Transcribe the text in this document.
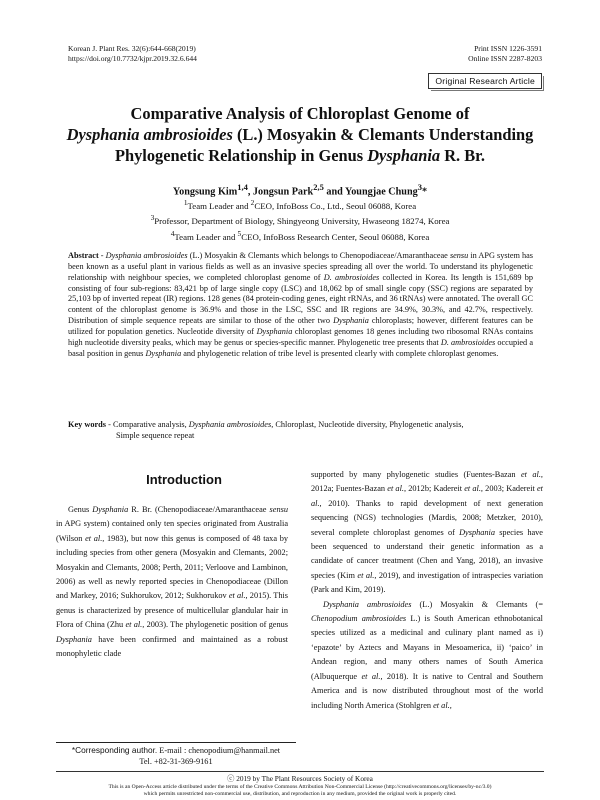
Korean J. Plant Res. 32(6):644-668(2019)
https://doi.org/10.7732/kjpr.2019.32.6.644
Print ISSN 1226-3591
Online ISSN 2287-8203
Original Research Article
Comparative Analysis of Chloroplast Genome of
Dysphania ambrosioides (L.) Mosyakin & Clemants Understanding
Phylogenetic Relationship in Genus Dysphania R. Br.
Yongsung Kim$^{1,4}$, Jongsun Park$^{2,5}$ and Youngjae Chung$^3$*
$^1$Team Leader and $^2$CEO, InfoBoss Co., Ltd., Seoul 06088, Korea
$^3$Professor, Department of Biology, Shingyeong University, Hwaseong 18274, Korea
$^4$Team Leader and $^5$CEO, InfoBoss Research Center, Seoul 06088, Korea
Abstract - Dysphania ambrosioides (L.) Mosyakin & Clemants which belongs to Chenopodiaceae/Amaranthaceae sensu in APG system has been known as a useful plant in various fields as well as an invasive species spreading all over the world. To understand its phylogenetic relationship with neighbour species, we completed chloroplast genome of D. ambrosioides collected in Korea. Its length is 151,689 bp consisting of four sub-regions: 83,421 bp of large single copy (LSC) and 18,062 bp of small single copy (SSC) regions are separated by 25,103 bp of inverted repeat (IR) regions. 128 genes (84 protein-coding genes, eight rRNAs, and 36 tRNAs) were annotated. The overall GC content of the chloroplast genome is 36.9% and those in the LSC, SSC and IR regions are 34.9%, 30.3%, and 42.7%, respectively. Distribution of simple sequence repeats are similar to those of the other two Dysphania chloroplasts; however, different features can be utilized for population genetics. Nucleotide diversity of Dysphania chloroplast genomes 18 genes including two ribosomal RNAs contains high nucleotide diversity peaks, which may be genus or species-specific manner. Phylogenetic tree presents that D. ambrosioides occupied a basal position in genus Dysphania and phylogenetic relation of tribe level is presented clearly with complete chloroplast genomes.
Key words - Comparative analysis, Dysphania ambrosioides, Chloroplast, Nucleotide diversity, Phylogenetic analysis,
Simple sequence repeat
Introduction

Genus Dysphania R. Br. (Chenopodiaceae/Amaranthaceae sensu in APG system) contained only ten species originated from Australia (Wilson et al., 1983), but now this genus is composed of 48 taxa by including species from other genera (Mosyakin and Clemants, 2002; Mosyakin and Clemants, 2008; Perth, 2011; Verloove and Lambinon, 2006) as well as newly reported species in Chenopodiaceae (Dillon and Markey, 2016; Sukhorukov, 2012; Sukhorukov et al., 2015). This genus is characterized by presence of multicellular glandular hair in Flora of China (Zhu et al., 2003). The phylogenetic position of genus Dysphania have been confirmed and maintained as a robust monophyletic clade

supported by many phylogenetic studies (Fuentes-Bazan et al., 2012a; Fuentes-Bazan et al., 2012b; Kadereit et al., 2003; Kadereit et al., 2010). Thanks to rapid development of next generation sequencing (NGS) technologies (Mardis, 2008; Metzker, 2010), several complete chloroplast genomes of Dysphania species have been sequenced to understand their genetic information as a candidate of cancer treatment (Chen and Yang, 2018), an invasive species (Kim et al., 2019), and investigation of intraspecies variation (Park and Kim, 2019).

Dysphania ambrosioides (L.) Mosyakin & Clemants (= Chenopodium ambrosioides L.) is South American ethnobotanical species utilized as a medicinal and culinary plant named as i) ‘epazote’ by Aztecs and Mayans in Mesoamerica, ii) ‘paico’ in Andean region, and many others names of South America (Albuquerque et al., 2018). It is native to Central and Southern America and is now distributed throughout most of the world including North America (Stohlgren et al.,

*Corresponding author. E-mail : chenopodium@hanmail.net
Tel. +82-31-369-9161
ⓒ 2019 by The Plant Resources Society of Korea
This is an Open-Access article distributed under the terms of the Creative Commons Attribution Non-Commercial License (http://creativecommons.org/licenses/by-nc/3.0)
which permits unrestricted non-commercial use, distribution, and reproduction in any medium, provided the original work is properly cited.
